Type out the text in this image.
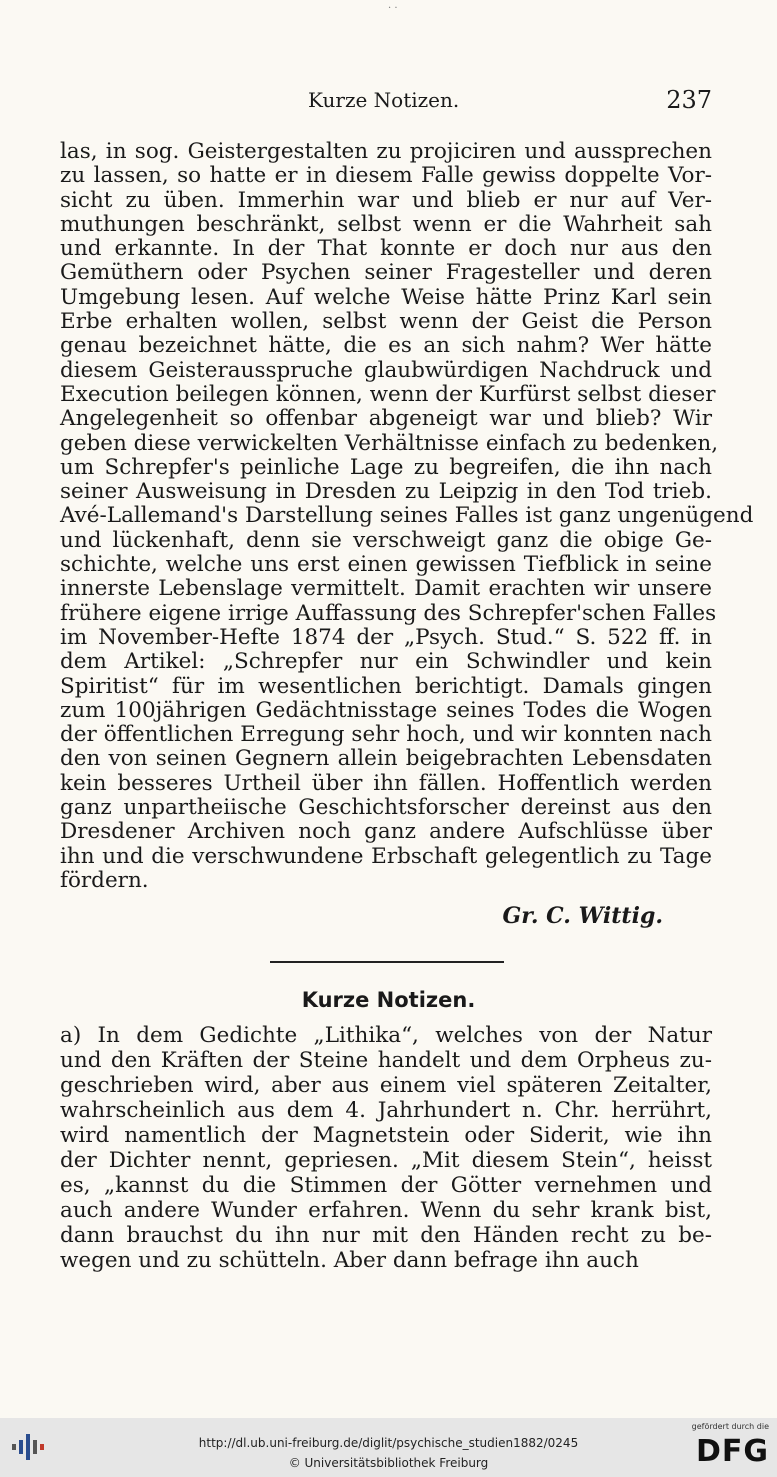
. .
Kurze Notizen.	237
las, in sog. Geistergestalten zu projiciren und aussprechen
zu lassen, so hatte er in diesem Falle gewiss doppelte Vor-
sicht zu üben. Immerhin war und blieb er nur auf Ver-
muthungen beschränkt, selbst wenn er die Wahrheit sah
und erkannte. In der That konnte er doch nur aus den
Gemüthern oder Psychen seiner Fragesteller und deren
Umgebung lesen. Auf welche Weise hätte Prinz Karl sein
Erbe erhalten wollen, selbst wenn der Geist die Person
genau bezeichnet hätte, die es an sich nahm? Wer hätte
diesem Geisterausspruche glaubwürdigen Nachdruck und
Execution beilegen können, wenn der Kurfürst selbst dieser
Angelegenheit so offenbar abgeneigt war und blieb? Wir
geben diese verwickelten Verhältnisse einfach zu bedenken,
um Schrepfer's peinliche Lage zu begreifen, die ihn nach
seiner Ausweisung in Dresden zu Leipzig in den Tod trieb.
Avé-Lallemand's Darstellung seines Falles ist ganz ungenügend
und lückenhaft, denn sie verschweigt ganz die obige Ge-
schichte, welche uns erst einen gewissen Tiefblick in seine
innerste Lebenslage vermittelt. Damit erachten wir unsere
frühere eigene irrige Auffassung des Schrepfer'schen Falles
im November-Hefte 1874 der „Psych. Stud.“ S. 522 ff. in
dem Artikel: „Schrepfer nur ein Schwindler und kein
Spiritist“ für im wesentlichen berichtigt. Damals gingen
zum 100jährigen Gedächtnisstage seines Todes die Wogen
der öffentlichen Erregung sehr hoch, und wir konnten nach
den von seinen Gegnern allein beigebrachten Lebensdaten
kein besseres Urtheil über ihn fällen. Hoffentlich werden
ganz unpartheiische Geschichtsforscher dereinst aus den
Dresdener Archiven noch ganz andere Aufschlüsse über
ihn und die verschwundene Erbschaft gelegentlich zu Tage
fördern.
Gr. C. Wittig.
Kurze Notizen.
a) In dem Gedichte „Lithika“, welches von der Natur
und den Kräften der Steine handelt und dem Orpheus zu-
geschrieben wird, aber aus einem viel späteren Zeitalter,
wahrscheinlich aus dem 4. Jahrhundert n. Chr. herrührt,
wird namentlich der Magnetstein oder Siderit, wie ihn
der Dichter nennt, gepriesen. „Mit diesem Stein“, heisst
es, „kannst du die Stimmen der Götter vernehmen und
auch andere Wunder erfahren. Wenn du sehr krank bist,
dann brauchst du ihn nur mit den Händen recht zu be-
wegen und zu schütteln. Aber dann befrage ihn auch
http://dl.ub.uni-freiburg.de/diglit/psychische_studien1882/0245
© Universitätsbibliothek Freiburg
gefördert durch die
DFG
